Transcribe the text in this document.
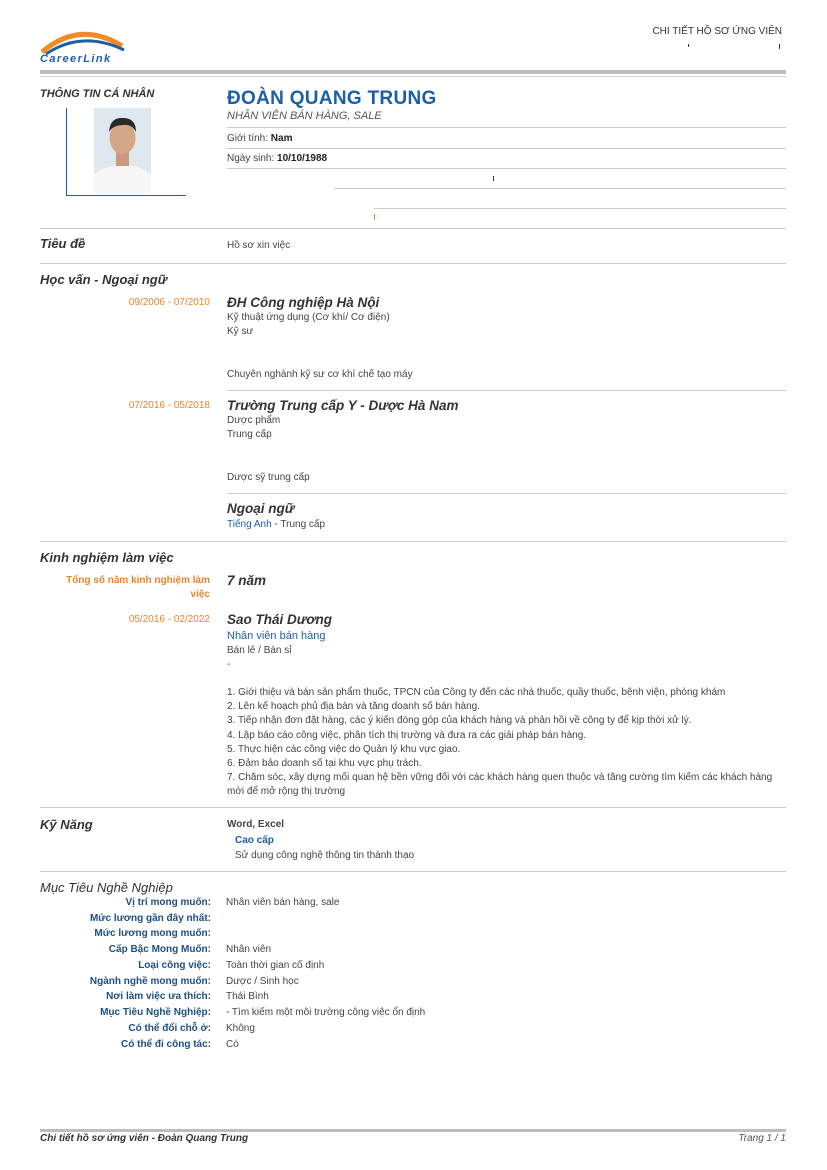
CareerLink
CHI TIẾT HỒ SƠ ỨNG VIÊN
THÔNG TIN CÁ NHÂN	ĐOÀN QUANG TRUNG
NHÂN VIÊN BÁN HÀNG, SALE
Giới tính: Nam
Ngày sinh: 10/10/1988
Tiêu đề	Hồ sơ xin việc
Học vấn - Ngoại ngữ
09/2006 - 07/2010 ĐH Công nghiệp Hà Nội
Kỹ thuật ứng dụng (Cơ khí/ Cơ điện)
Kỹ sư
Chuyên nghành kỹ sư cơ khí chế tạo máy
07/2016 - 05/2018 Trường Trung cấp Y - Dược Hà Nam
Dược phẩm
Trung cấp
Dược sỹ trung cấp
Ngoại ngữ
Tiếng Anh - Trung cấp
Kinh nghiệm làm việc
Tổng số năm kinh nghiệm làm
việc
7 năm
05/2016 - 02/2022 Sao Thái Dương
Nhân viên bán hàng
Bán lẻ / Bán sỉ
-
1. Giới thiệu và bán sản phẩm thuốc, TPCN của Công ty đến các nhà thuốc, quầy thuốc, bệnh viện, phòng khám
2. Lên kế hoạch phủ địa bàn và tăng doanh số bán hàng.
3. Tiếp nhận đơn đặt hàng, các ý kiến đóng góp của khách hàng và phản hồi về công ty để kịp thời xử lý.
4. Lập báo cáo công việc, phân tích thị trường và đưa ra các giải pháp bán hàng.
5. Thực hiện các công việc do Quản lý khu vực giao.
6. Đảm bảo doanh số tại khu vực phụ trách.
7. Chăm sóc, xây dựng mối quan hệ bền vững đối với các khách hàng quen thuộc và tăng cường tìm kiếm các khách hàng mới để mở rộng thị trường
Kỹ Năng	Word, Excel
Cao cấp
Sử dụng công nghệ thông tin thành thạo
Mục Tiêu Nghề Nghiệp
Vị trí mong muốn: Nhân viên bán hàng, sale
Mức lương gần đây nhất:
Mức lương mong muốn:
Cấp Bậc Mong Muốn: Nhân viên
Loại công việc: Toàn thời gian cố định
Ngành nghề mong muốn: Dược / Sinh học
Nơi làm việc ưa thích: Thái Bình
Mục Tiêu Nghề Nghiệp: - Tìm kiếm một môi trường công việc ổn định
Có thể đổi chỗ ở: Không
Có thể đi công tác: Có
Chi tiết hồ sơ ứng viên - Đoàn Quang Trung	Trang 1 / 1
